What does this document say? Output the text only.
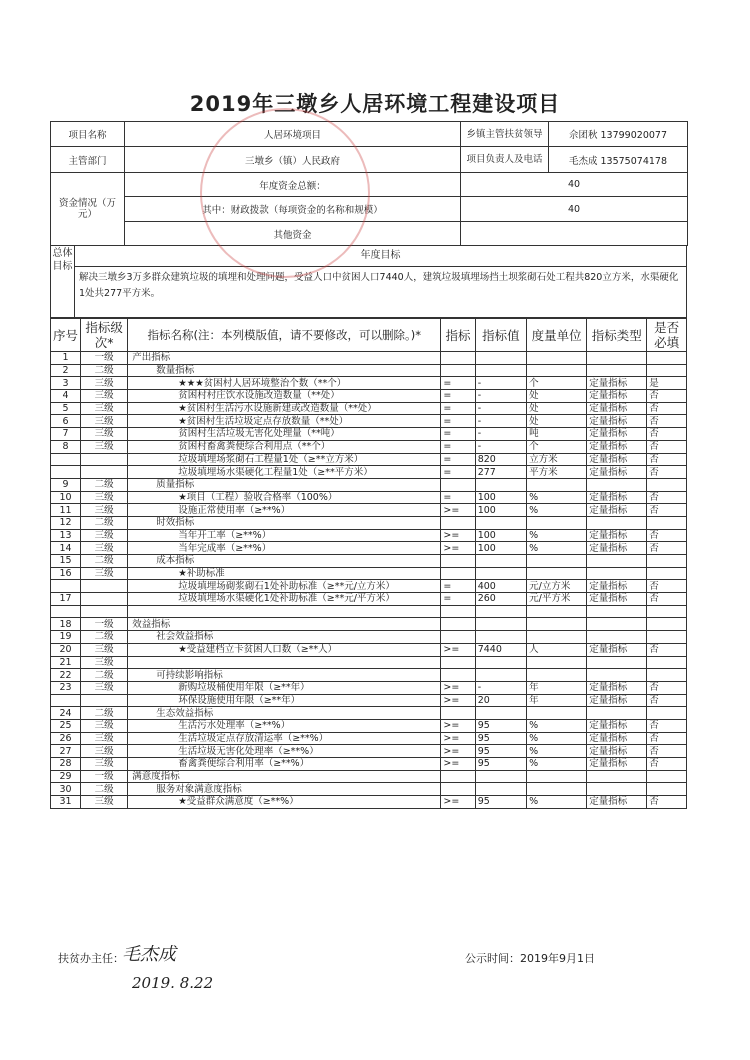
2019年三墩乡人居环境工程建设项目
项目名称	人居环境项目	乡镇主管扶贫领导	佘团秋 13799020077
主管部门	三墩乡（镇）人民政府	项目负责人及电话	毛杰成 13575074178
资金情况（万元）	年度资金总额：	40
	其中：财政拨款（每项资金的名称和规模）	40
	其他资金	
总体目标
年度目标
解决三墩乡3万多群众建筑垃圾的填埋和处理问题，受益人口中贫困人口7440人，建筑垃圾填埋场挡土坝浆砌石处工程共820立方米，水渠硬化1处共277平方米。
序号	指标级次*	指标名称(注：本列模版值，请不要修改，可以删除。)*	指标	指标值	度量单位	指标类型	是否必填
1	一级	产出指标					
2	二级	数量指标					
3	三级	★★★贫困村人居环境整治个数（**个）	=	-	个	定量指标	是
4	三级	贫困村村庄饮水设施改造数量（**处）	=	-	处	定量指标	否
5	三级	★贫困村生活污水设施新建或改造数量（**处）	=	-	处	定量指标	否
6	三级	★贫困村生活垃圾定点存放数量（**处）	=	-	处	定量指标	否
7	三级	贫困村生活垃圾无害化处理量（**吨）	=	-	吨	定量指标	否
8	三级	贫困村畜禽粪便综合利用点（**个）	=	-	个	定量指标	否
		垃圾填埋场浆砌石工程量1处（≥**立方米）	=	820	立方米	定量指标	否
		垃圾填埋场水渠硬化工程量1处（≥**平方米）	=	277	平方米	定量指标	否
9	二级	质量指标					
10	三级	★项目（工程）验收合格率（100%）	=	100	%	定量指标	否
11	三级	设施正常使用率（≥**%）	>=	100	%	定量指标	否
12	二级	时效指标					
13	三级	当年开工率（≥**%）	>=	100	%	定量指标	否
14	三级	当年完成率（≥**%）	>=	100	%	定量指标	否
15	二级	成本指标					
16	三级	★补助标准					
		垃圾填埋场砌浆砌石1处补助标准（≥**元/立方米）	=	400	元/立方米	定量指标	否
17		垃圾填埋场水渠硬化1处补助标准（≥**元/平方米）	=	260	元/平方米	定量指标	否

18	一级	效益指标					
19	二级	社会效益指标					
20	三级	★受益建档立卡贫困人口数（≥**人）	>=	7440	人	定量指标	否
21	三级						
22	二级	可持续影响指标					
23	三级	新购垃圾桶使用年限（≥**年）	>=	-	年	定量指标	否
		环保设施使用年限（≥**年）	>=	20	年	定量指标	否
24	二级	生态效益指标					
25	三级	生活污水处理率（≥**%）	>=	95	%	定量指标	否
26	三级	生活垃圾定点存放清运率（≥**%）	>=	95	%	定量指标	否
27	三级	生活垃圾无害化处理率（≥**%）	>=	95	%	定量指标	否
28	三级	畜禽粪便综合利用率（≥**%）	>=	95	%	定量指标	否
29	一级	满意度指标					
30	二级	服务对象满意度指标					
31	三级	★受益群众满意度（≥**%）	>=	95	%	定量指标	否
扶贫办主任：
毛杰成
2019. 8.22
公示时间：2019年9月1日
